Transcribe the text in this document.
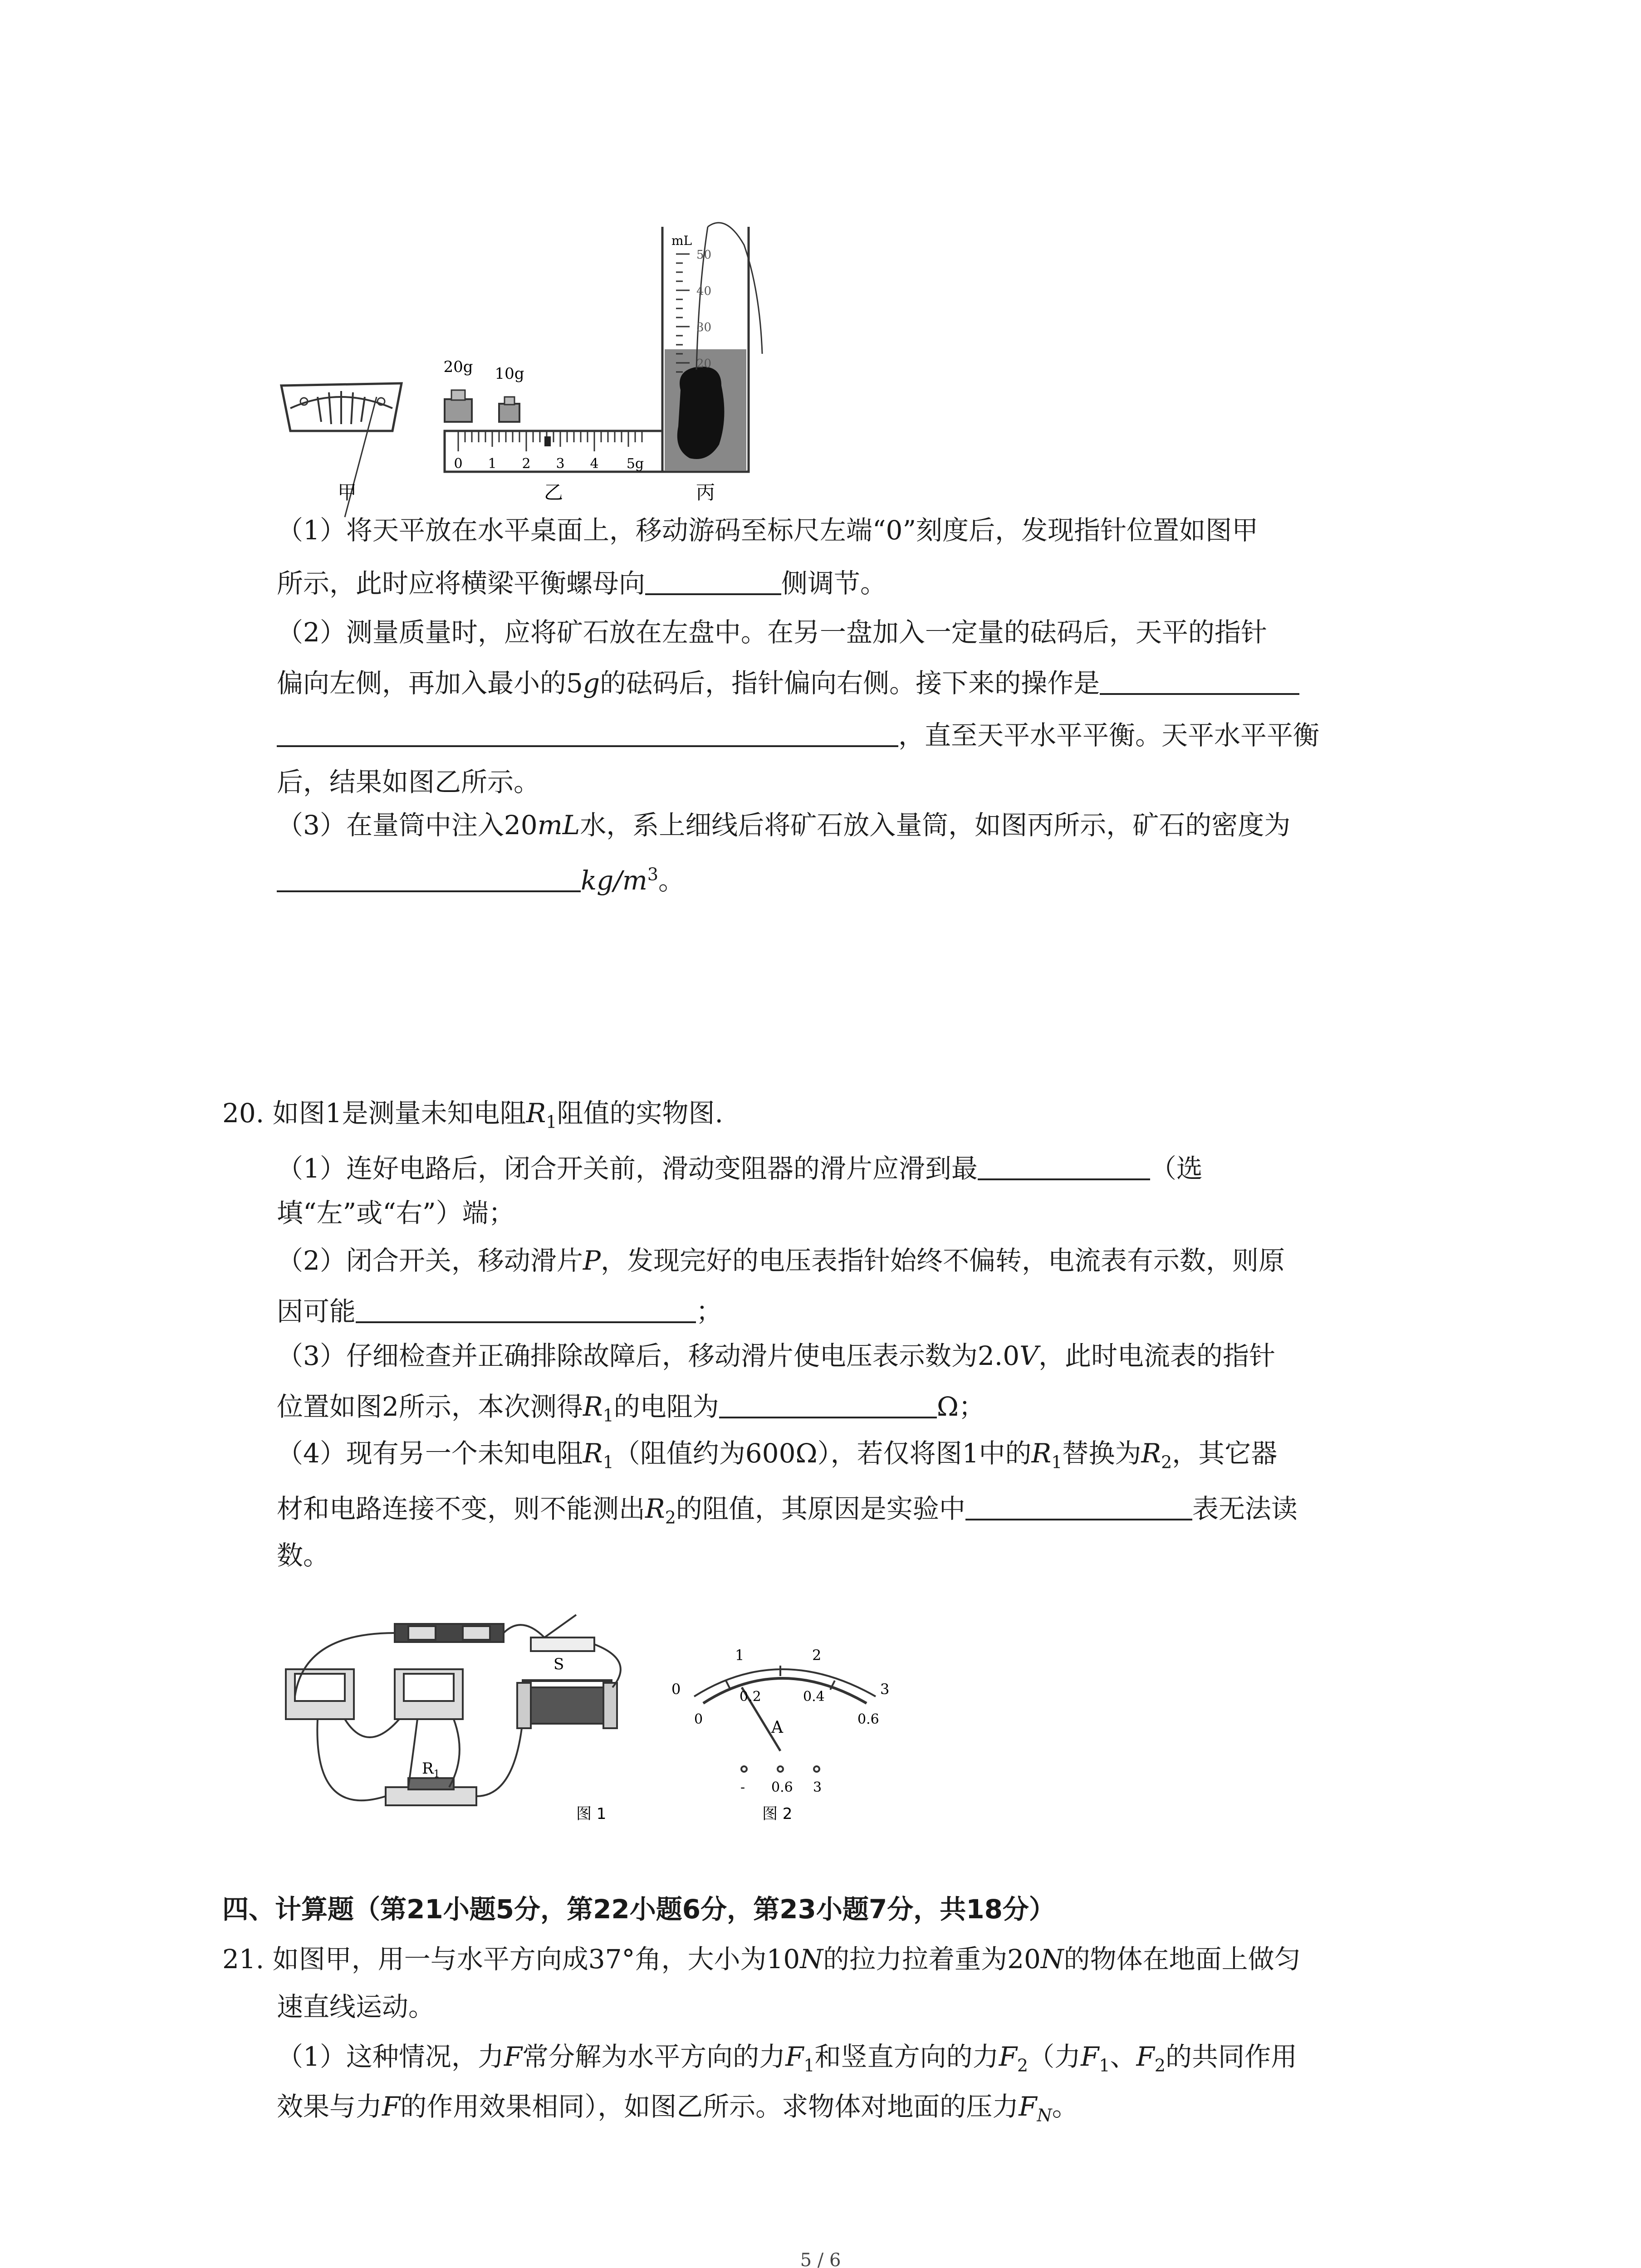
甲
20g 10g
0 1 2 3 4 5g
乙
mL
50
40
30
20
丙
（1）将天平放在水平桌面上，移动游码至标尺左端“0”刻度后，发现指针位置如图甲
所示，此时应将横梁平衡螺母向	侧调节。
（2）测量质量时，应将矿石放在左盘中。在另一盘加入一定量的砝码后，天平的指针
偏向左侧，再加入最小的5g的砝码后，指针偏向右侧。接下来的操作是
，直至天平水平平衡。天平水平平衡
后，结果如图乙所示。
（3）在量筒中注入20mL水，系上细线后将矿石放入量筒，如图丙所示，矿石的密度为
$kg/m^3$。
20. 如图1是测量未知电阻$R_1$阻值的实物图.
（1）连好电路后，闭合开关前，滑动变阻器的滑片应滑到最	（选
填“左”或“右”）端；
（2）闭合开关，移动滑片P，发现完好的电压表指针始终不偏转，电流表有示数，则原
因可能	；
（3）仔细检查并正确排除故障后，移动滑片使电压表示数为2.0V，此时电流表的指针
位置如图2所示，本次测得$R_1$的电阻为	Ω；
（4）现有另一个未知电阻$R_1$（阻值约为600Ω），若仅将图1中的$R_1$替换为$R_2$，其它器
材和电路连接不变，则不能测出$R_2$的阻值，其原因是实验中	表无法读
数。
S
$R_1$
图 1
0
1	2
3
0
0.2	0.4
0.6
A
- 0.6 3
图 2
四、计算题（第21小题5分，第22小题6分，第23小题7分，共18分）
21. 如图甲，用一与水平方向成37°角，大小为10N的拉力拉着重为20N的物体在地面上做匀
速直线运动。
（1）这种情况，力F常分解为水平方向的力$F_1$和竖直方向的力$F_2$（力$F_1$、$F_2$的共同作用
效果与力F的作用效果相同），如图乙所示。求物体对地面的压力$F_N$。
5 / 6
